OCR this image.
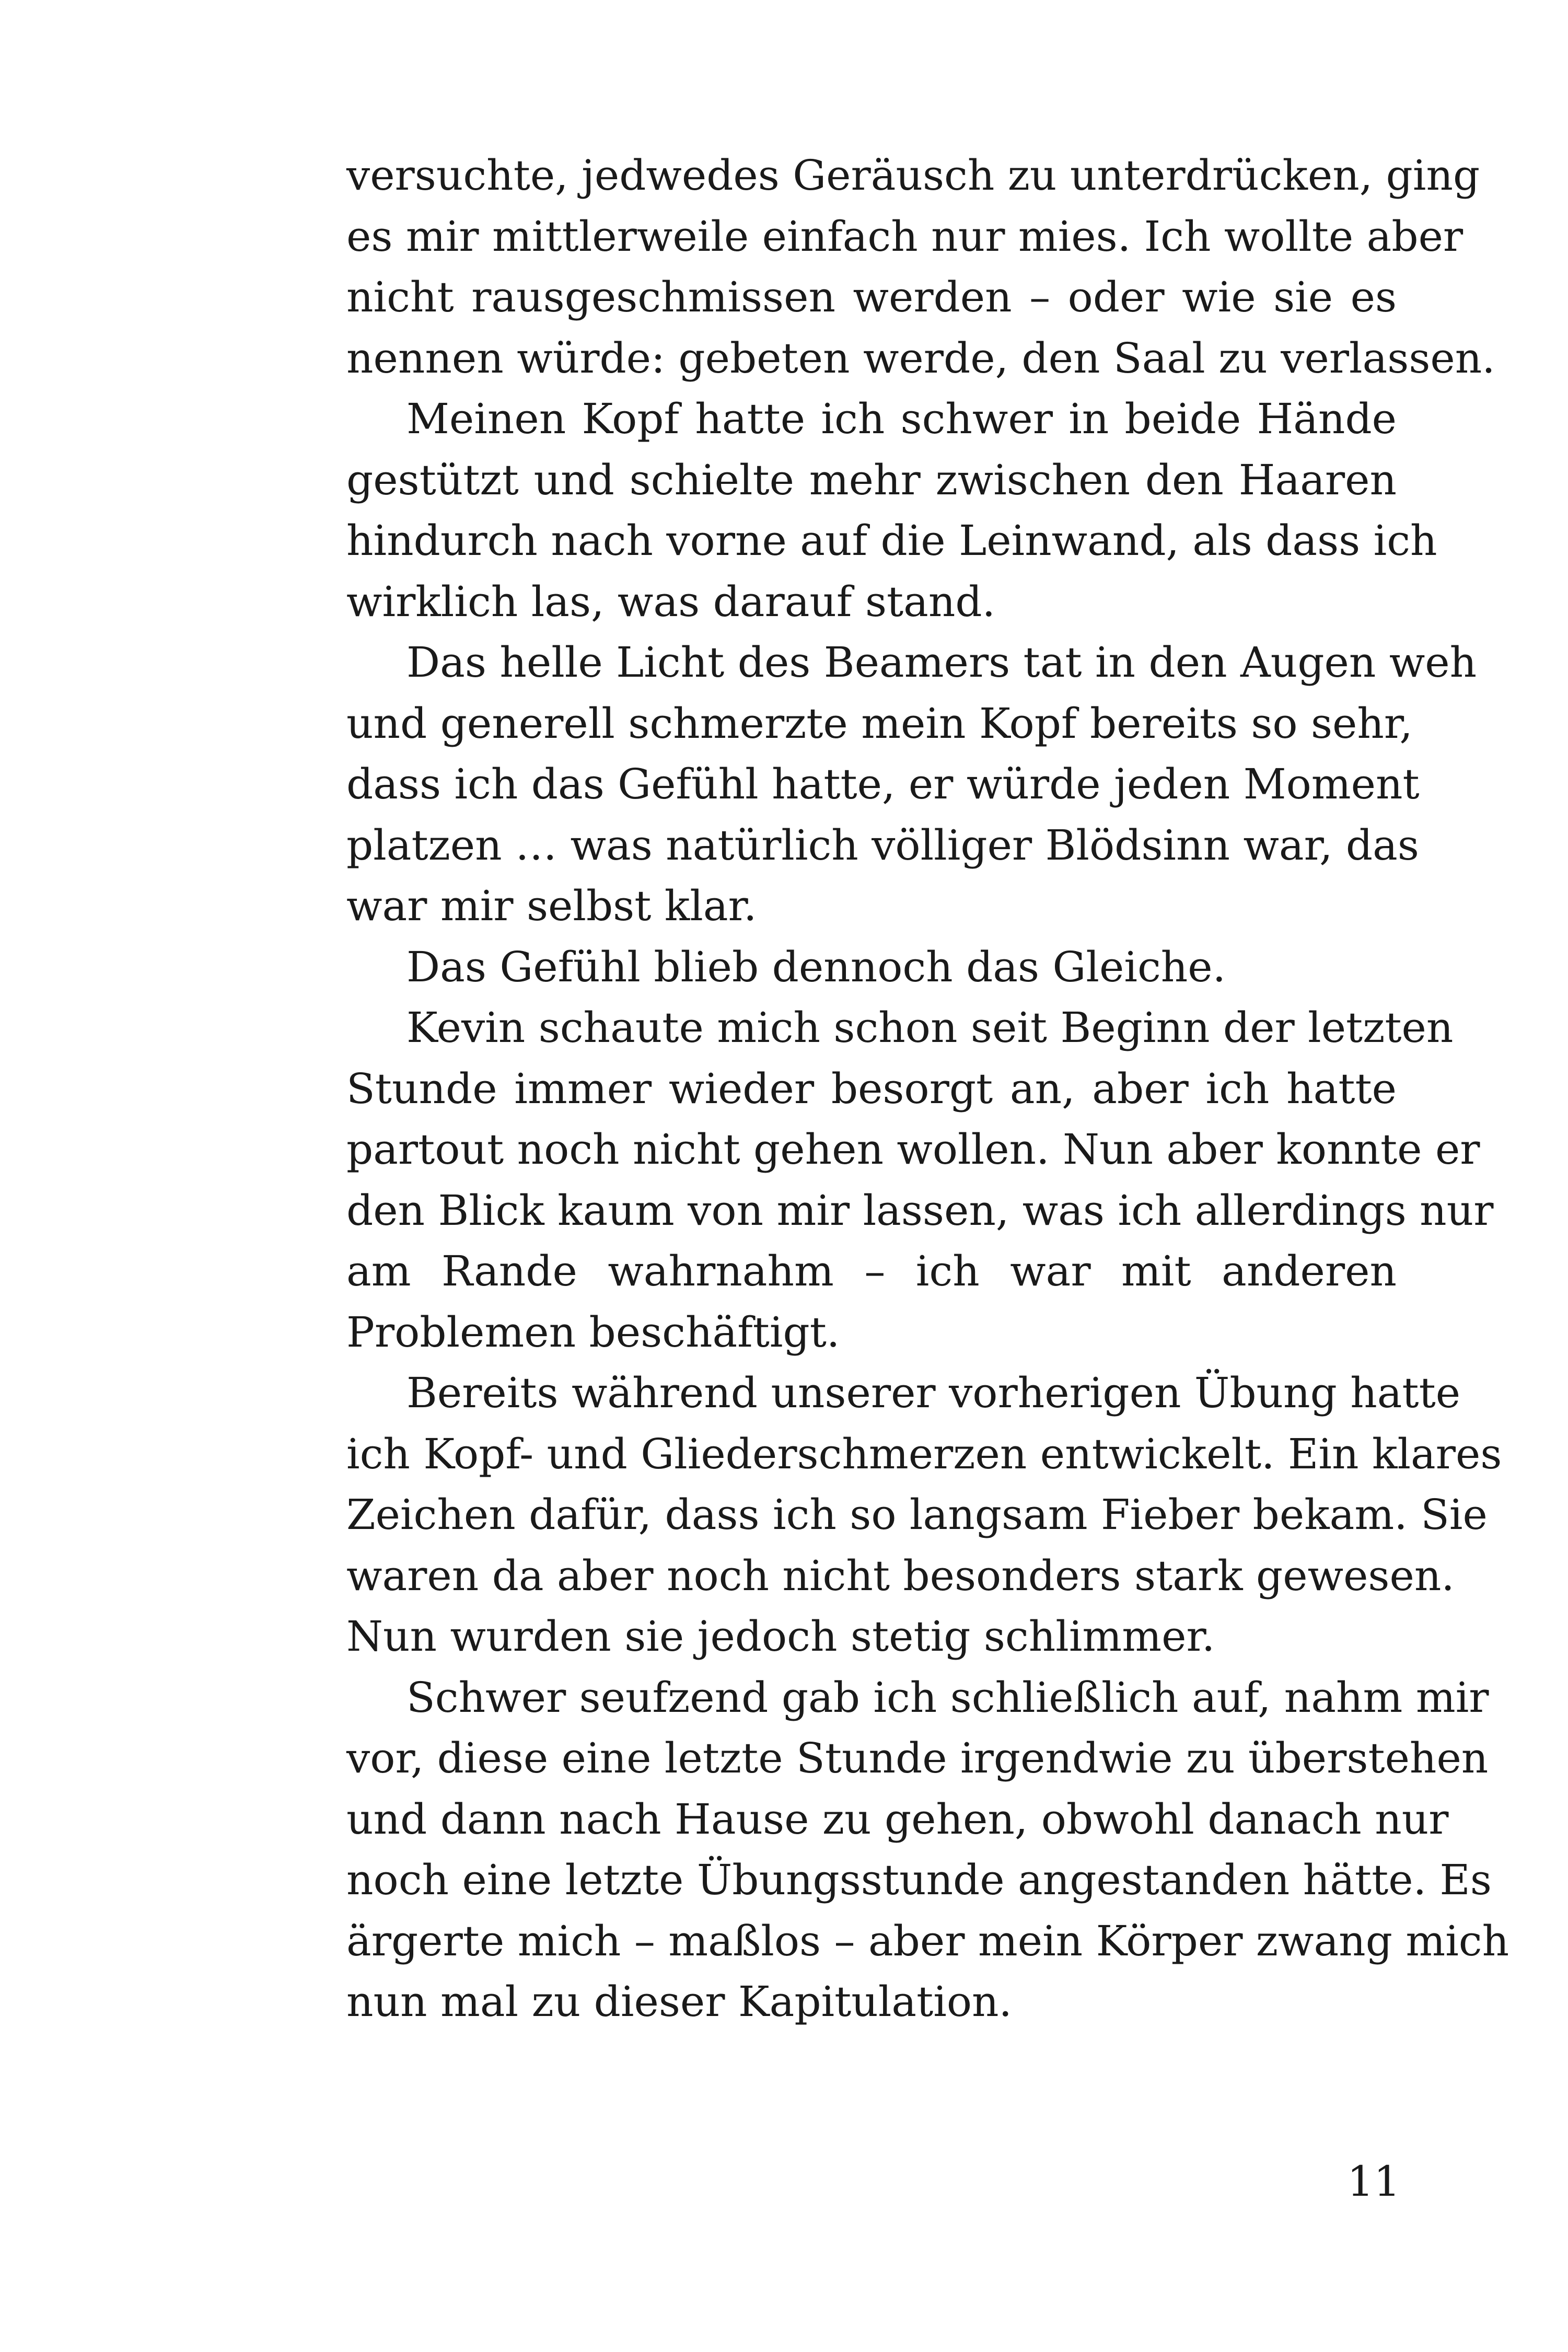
versuchte, jedwedes Geräusch zu unterdrücken, ging
es mir mittlerweile einfach nur mies. Ich wollte aber
nicht rausgeschmissen werden – oder wie sie es
nennen würde: gebeten werde, den Saal zu verlassen.
Meinen Kopf hatte ich schwer in beide Hände
gestützt und schielte mehr zwischen den Haaren
hindurch nach vorne auf die Leinwand, als dass ich
wirklich las, was darauf stand.
Das helle Licht des Beamers tat in den Augen weh
und generell schmerzte mein Kopf bereits so sehr,
dass ich das Gefühl hatte, er würde jeden Moment
platzen … was natürlich völliger Blödsinn war, das
war mir selbst klar.
Das Gefühl blieb dennoch das Gleiche.
Kevin schaute mich schon seit Beginn der letzten
Stunde immer wieder besorgt an, aber ich hatte
partout noch nicht gehen wollen. Nun aber konnte er
den Blick kaum von mir lassen, was ich allerdings nur
am Rande wahrnahm – ich war mit anderen
Problemen beschäftigt.
Bereits während unserer vorherigen Übung hatte
ich Kopf- und Gliederschmerzen entwickelt. Ein klares
Zeichen dafür, dass ich so langsam Fieber bekam. Sie
waren da aber noch nicht besonders stark gewesen.
Nun wurden sie jedoch stetig schlimmer.
Schwer seufzend gab ich schließlich auf, nahm mir
vor, diese eine letzte Stunde irgendwie zu überstehen
und dann nach Hause zu gehen, obwohl danach nur
noch eine letzte Übungsstunde angestanden hätte. Es
ärgerte mich – maßlos – aber mein Körper zwang mich
nun mal zu dieser Kapitulation.
11
